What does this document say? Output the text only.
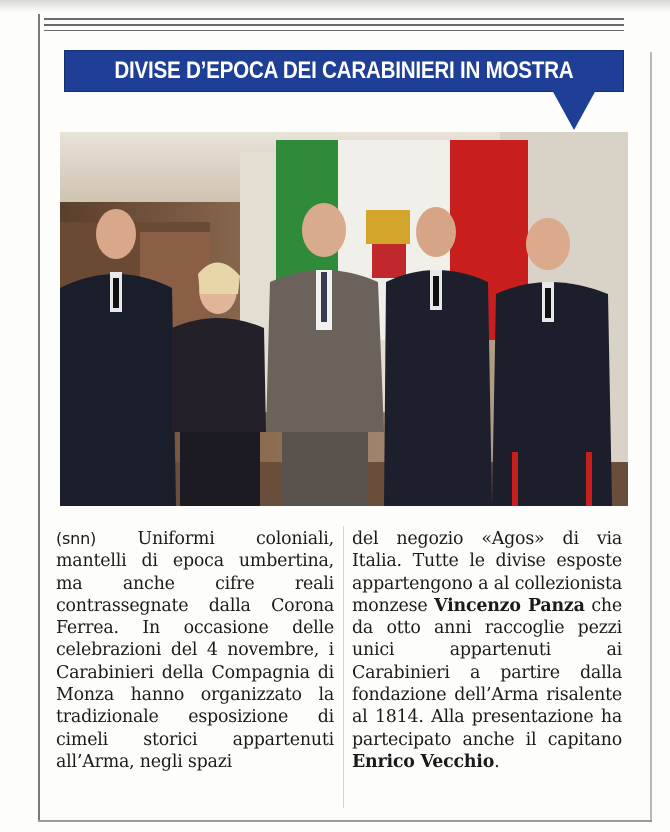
DIVISE D’EPOCA DEI CARABINIERI IN MOSTRA

(snn) Uniformi coloniali, mantelli di epoca umbertina, ma anche cifre reali contrassegnate dalla Corona Ferrea. In occasione delle celebrazioni del 4 novembre, i Carabinieri della Compagnia di Monza hanno organizzato la tradizionale esposizione di cimeli storici appartenuti all’Arma, negli spazi

del negozio «Agos» di via Italia. Tutte le divise esposte appartengono a al collezionista monzese Vincenzo Panza che da otto anni raccoglie pezzi unici appartenuti ai Carabinieri a partire dalla fondazione dell’Arma risalente al 1814. Alla presentazione ha partecipato anche il capitano Enrico Vecchio.
